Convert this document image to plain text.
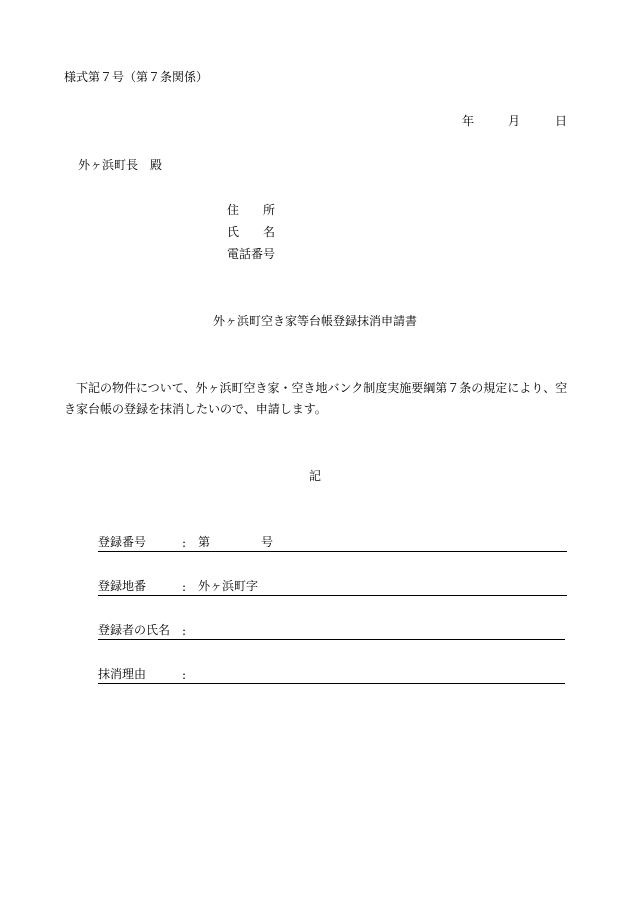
様式第７号（第７条関係）
年	月	日
外ヶ浜町長 殿
住　　所
氏　　名
電話番号
外ヶ浜町空き家等台帳登録抹消申請書
下記の物件について、外ヶ浜町空き家・空き地バンク制度実施要綱第７条の規定により、空き家台帳の登録を抹消したいので、申請します。
記
登録番号	: 第	号
登録地番	: 外ヶ浜町字
登録者の氏名 :
抹消理由	:
